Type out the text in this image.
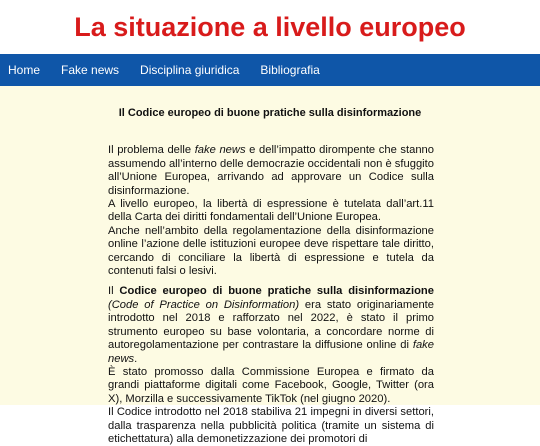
La situazione a livello europeo
Home Fake news Disciplina giuridica Bibliografia
Il Codice europeo di buone pratiche sulla disinformazione

Il problema delle fake news e dell’impatto dirompente che stanno assumendo all’interno delle democrazie occidentali non è sfuggito all’Unione Europea, arrivando ad approvare un Codice sulla disinformazione.

A livello europeo, la libertà di espressione è tutelata dall’art.11 della Carta dei diritti fondamentali dell’Unione Europea.

Anche nell’ambito della regolamentazione della disinformazione online l’azione delle istituzioni europee deve rispettare tale diritto, cercando di conciliare la libertà di espressione e tutela da contenuti falsi o lesivi.

Il Codice europeo di buone pratiche sulla disinformazione (Code of Practice on Disinformation) era stato originariamente introdotto nel 2018 e rafforzato nel 2022, è stato il primo strumento europeo su base volontaria, a concordare norme di autoregolamentazione per contrastare la diffusione online di fake news.

È stato promosso dalla Commissione Europea e firmato da grandi piattaforme digitali come Facebook, Google, Twitter (ora X), Morzilla e successivamente TikTok (nel giugno 2020).

Il Codice introdotto nel 2018 stabiliva 21 impegni in diversi settori, dalla trasparenza nella pubblicità politica (tramite un sistema di etichettatura) alla demonetizzazione dei promotori di
